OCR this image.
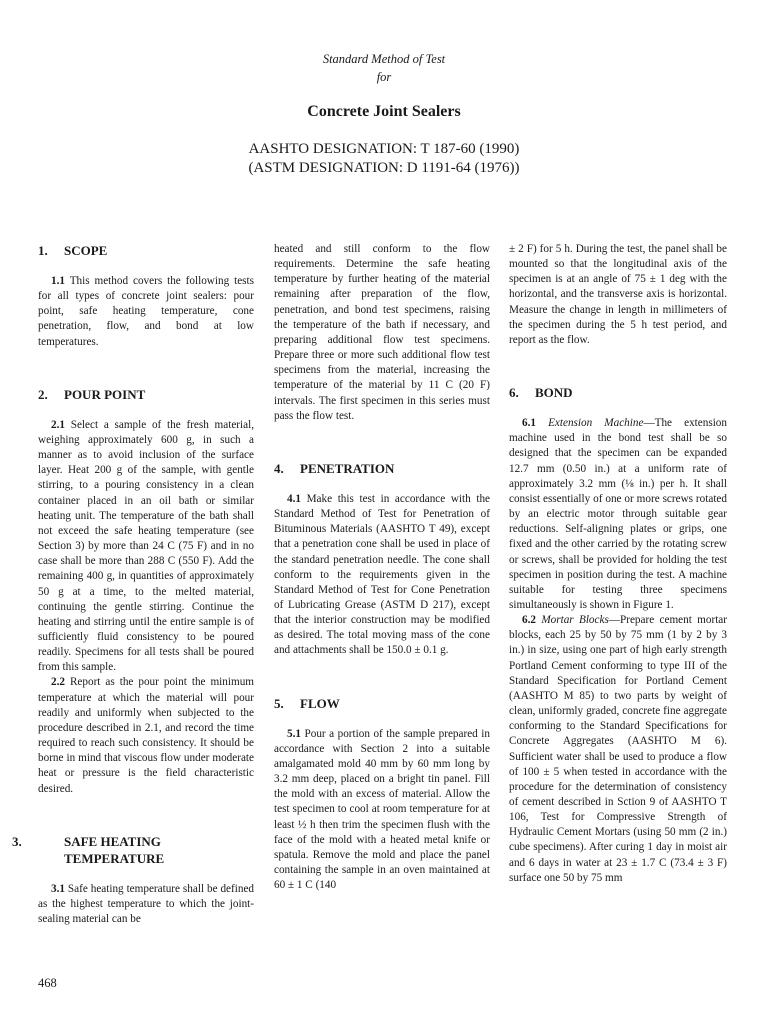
Standard Method of Test
for
Concrete Joint Sealers
AASHTO DESIGNATION: T 187-60 (1990)
(ASTM DESIGNATION: D 1191-64 (1976))
1. SCOPE

1.1 This method covers the following tests for all types of concrete joint sealers: pour point, safe heating temperature, cone penetration, flow, and bond at low temperatures.

2. POUR POINT

2.1 Select a sample of the fresh material, weighing approximately 600 g, in such a manner as to avoid inclusion of the surface layer. Heat 200 g of the sample, with gentle stirring, to a pouring consistency in a clean container placed in an oil bath or similar heating unit. The temperature of the bath shall not exceed the safe heating temperature (see Section 3) by more than 24 C (75 F) and in no case shall be more than 288 C (550 F). Add the remaining 400 g, in quantities of approximately 50 g at a time, to the melted material, continuing the gentle stirring. Continue the heating and stirring until the entire sample is of sufficiently fluid consistency to be poured readily. Specimens for all tests shall be poured from this sample.

2.2 Report as the pour point the minimum temperature at which the material will pour readily and uniformly when subjected to the procedure described in 2.1, and record the time required to reach such consistency. It should be borne in mind that viscous flow under moderate heat or pressure is the field characteristic desired.

3.	SAFE HEATING
TEMPERATURE

3.1 Safe heating temperature shall be defined as the highest temperature to which the joint-sealing material can be

heated and still conform to the flow requirements. Determine the safe heating temperature by further heating of the material remaining after preparation of the flow, penetration, and bond test specimens, raising the temperature of the bath if necessary, and preparing additional flow test specimens. Prepare three or more such additional flow test specimens from the material, increasing the temperature of the material by 11 C (20 F) intervals. The first specimen in this series must pass the flow test.

4. PENETRATION

4.1 Make this test in accordance with the Standard Method of Test for Penetration of Bituminous Materials (AASHTO T 49), except that a penetration cone shall be used in place of the standard penetration needle. The cone shall conform to the requirements given in the Standard Method of Test for Cone Penetration of Lubricating Grease (ASTM D 217), except that the interior construction may be modified as desired. The total moving mass of the cone and attachments shall be 150.0 ± 0.1 g.

5. FLOW

5.1 Pour a portion of the sample prepared in accordance with Section 2 into a suitable amalgamated mold 40 mm by 60 mm long by 3.2 mm deep, placed on a bright tin panel. Fill the mold with an excess of material. Allow the test specimen to cool at room temperature for at least ½ h then trim the specimen flush with the face of the mold with a heated metal knife or spatula. Remove the mold and place the panel containing the sample in an oven maintained at 60 ± 1 C (140

± 2 F) for 5 h. During the test, the panel shall be mounted so that the longitudinal axis of the specimen is at an angle of 75 ± 1 deg with the horizontal, and the transverse axis is horizontal. Measure the change in length in millimeters of the specimen during the 5 h test period, and report as the flow.

6. BOND

6.1 Extension Machine—The extension machine used in the bond test shall be so designed that the specimen can be expanded 12.7 mm (0.50 in.) at a uniform rate of approximately 3.2 mm (⅛ in.) per h. It shall consist essentially of one or more screws rotated by an electric motor through suitable gear reductions. Self-aligning plates or grips, one fixed and the other carried by the rotating screw or screws, shall be provided for holding the test specimen in position during the test. A machine suitable for testing three specimens simultaneously is shown in Figure 1.

6.2 Mortar Blocks—Prepare cement mortar blocks, each 25 by 50 by 75 mm (1 by 2 by 3 in.) in size, using one part of high early strength Portland Cement conforming to type III of the Standard Specification for Portland Cement (AASHTO M 85) to two parts by weight of clean, uniformly graded, concrete fine aggregate conforming to the Standard Specifications for Concrete Aggregates (AASHTO M 6). Sufficient water shall be used to produce a flow of 100 ± 5 when tested in accordance with the procedure for the determination of consistency of cement described in Sction 9 of AASHTO T 106, Test for Compressive Strength of Hydraulic Cement Mortars (using 50 mm (2 in.) cube specimens). After curing 1 day in moist air and 6 days in water at 23 ± 1.7 C (73.4 ± 3 F) surface one 50 by 75 mm

468
